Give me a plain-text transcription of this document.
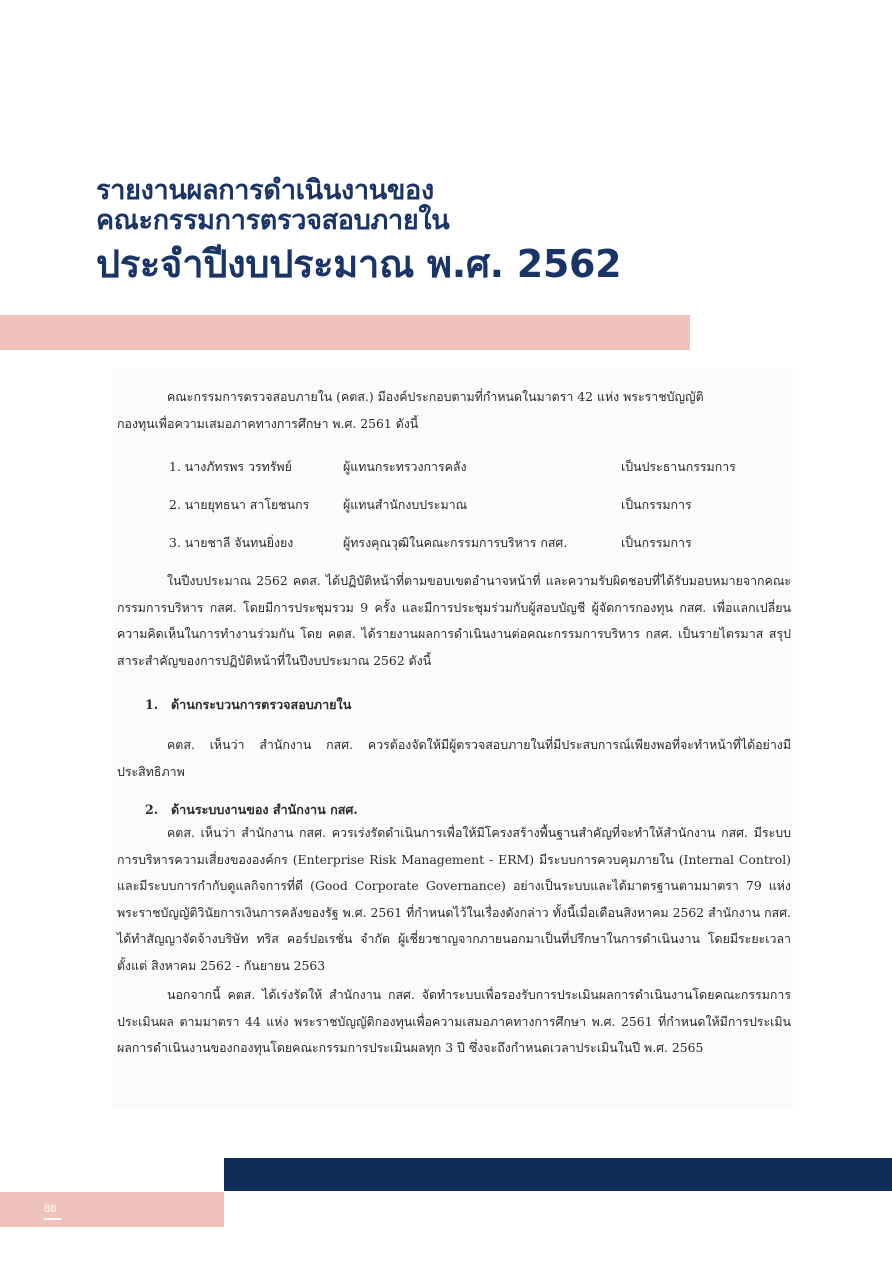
รายงานผลการดำเนินงานของ
คณะกรรมการตรวจสอบภายใน
ประจำปีงบประมาณ พ.ศ. 2562
คณะกรรมการตรวจสอบภายใน (คตส.) มีองค์ประกอบตามที่กำหนดในมาตรา 42 แห่ง พระราชบัญญัติ
กองทุนเพื่อความเสมอภาคทางการศึกษา พ.ศ. 2561 ดังนี้
1. นางภัทรพร วรทรัพย์	ผู้แทนกระทรวงการคลัง	เป็นประธานกรรมการ
2. นายยุทธนา สาโยชนกร	ผู้แทนสำนักงบประมาณ	เป็นกรรมการ
3. นายชาลี จันทนยิ่งยง	ผู้ทรงคุณวุฒิในคณะกรรมการบริหาร กสศ.	เป็นกรรมการ
ในปีงบประมาณ 2562 คตส. ได้ปฏิบัติหน้าที่ตามขอบเขตอำนาจหน้าที่ และความรับผิดชอบที่ได้รับมอบหมายจากคณะกรรมการบริหาร กสศ. โดยมีการประชุมรวม 9 ครั้ง และมีการประชุมร่วมกับผู้สอบบัญชี ผู้จัดการกองทุน กสศ. เพื่อแลกเปลี่ยนความคิดเห็นในการทำงานร่วมกัน โดย คตส. ได้รายงานผลการดำเนินงานต่อคณะกรรมการบริหาร กสศ. เป็นรายไตรมาส สรุปสาระสำคัญของการปฏิบัติหน้าที่ในปีงบประมาณ 2562 ดังนี้
1. ด้านกระบวนการตรวจสอบภายใน
คตส. เห็นว่า สำนักงาน กสศ. ควรต้องจัดให้มีผู้ตรวจสอบภายในที่มีประสบการณ์เพียงพอที่จะทำหน้าที่ได้อย่างมีประสิทธิภาพ
2. ด้านระบบงานของ สำนักงาน กสศ.
คตส. เห็นว่า สำนักงาน กสศ. ควรเร่งรัดดำเนินการเพื่อให้มีโครงสร้างพื้นฐานสำคัญที่จะทำให้สำนักงาน กสศ. มีระบบการบริหารความเสี่ยงขององค์กร (Enterprise Risk Management - ERM) มีระบบการควบคุมภายใน (Internal Control) และมีระบบการกำกับดูแลกิจการที่ดี (Good Corporate Governance) อย่างเป็นระบบและได้มาตรฐานตามมาตรา 79 แห่งพระราชบัญญัติวินัยการเงินการคลังของรัฐ พ.ศ. 2561 ที่กำหนดไว้ในเรื่องดังกล่าว ทั้งนี้เมื่อเดือนสิงหาคม 2562 สำนักงาน กสศ. ได้ทำสัญญาจัดจ้างบริษัท ทริส คอร์ปอเรชั่น จำกัด ผู้เชี่ยวชาญจากภายนอกมาเป็นที่ปรึกษาในการดำเนินงาน โดยมีระยะเวลาตั้งแต่ สิงหาคม 2562 - กันยายน 2563
นอกจากนี้ คตส. ได้เร่งรัดให้ สำนักงาน กสศ. จัดทำระบบเพื่อรองรับการประเมินผลการดำเนินงานโดยคณะกรรมการประเมินผล ตามมาตรา 44 แห่ง พระราชบัญญัติกองทุนเพื่อความเสมอภาคทางการศึกษา พ.ศ. 2561 ที่กำหนดให้มีการประเมินผลการดำเนินงานของกองทุนโดยคณะกรรมการประเมินผลทุก 3 ปี ซึ่งจะถึงกำหนดเวลาประเมินในปี พ.ศ. 2565
88
